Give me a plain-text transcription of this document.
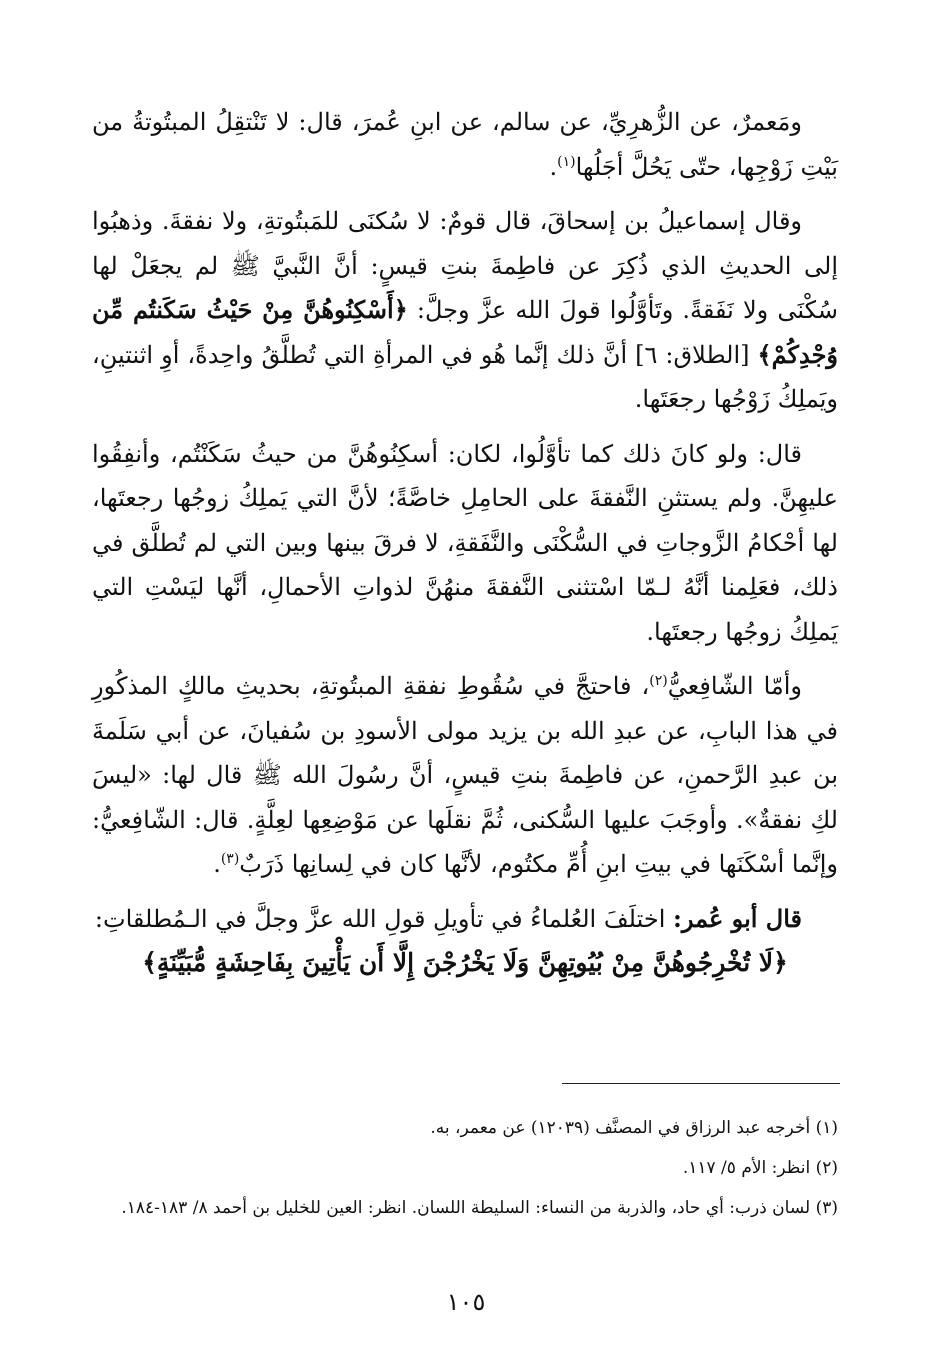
ومَعمرٌ، عن الزُّهرِيِّ، عن سالم، عن ابنِ عُمرَ، قال: لا تَنْتقِلُ المبتُوتةُ من بَيْتِ زَوْجِها، حتّى يَحُلَّ أجَلُها$^{(١)}$.

وقال إسماعيلُ بن إسحاقَ، قال قومٌ: لا سُكنَى للمَبتُوتةِ، ولا نفقةَ. وذهبُوا إلى الحديثِ الذي ذُكِرَ عن فاطِمةَ بنتِ قيسٍ: أنَّ النَّبيَّ ﷺ لم يجعَلْ لها سُكْنَى ولا نَفَقةً. وتَأوَّلُوا قولَ الله عزَّ وجلَّ: ﴿أَسْكِنُوهُنَّ مِنْ حَيْثُ سَكَنتُم مِّن وُجْدِكُمْ﴾ [الطلاق: ٦] أنَّ ذلك إنَّما هُو في المرأةِ التي تُطلَّقُ واحِدةً، أوِ اثنتينِ، ويَملِكُ زَوْجُها رجعَتَها.

قال: ولو كانَ ذلك كما تأوَّلُوا، لكان: أسكِنُوهُنَّ من حيثُ سَكَنْتُم، وأنفِقُوا عليهِنَّ. ولم يستثنِ النَّفقةَ على الحامِلِ خاصَّةً؛ لأنَّ التي يَملِكُ زوجُها رجعتَها، لها أحْكامُ الزَّوجاتِ في السُّكْنَى والنَّفَقةِ، لا فرقَ بينها وبين التي لم تُطلَّق في ذلك، فعَلِمنا أنَّهُ لـمّا اسْتثنى النَّفقةَ منهُنَّ لذواتِ الأحمالِ، أنَّها ليَسْتِ التي يَملِكُ زوجُها رجعتَها.

وأمّا الشّافِعيُّ$^{(٢)}$، فاحتجَّ في سُقُوطِ نفقةِ المبتُوتةِ، بحديثِ مالكٍ المذكُورِ في هذا البابِ، عن عبدِ الله بن يزيد مولى الأسودِ بن سُفيانَ، عن أبي سَلَمةَ بن عبدِ الرَّحمنِ، عن فاطِمةَ بنتِ قيسٍ، أنَّ رسُولَ الله ﷺ قال لها: «ليسَ لكِ نفقةٌ». وأوجَبَ عليها السُّكنى، ثُمَّ نقلَها عن مَوْضِعِها لعِلَّةٍ. قال: الشّافِعيُّ: وإنَّما أسْكَنَها في بيتِ ابنِ أُمِّ مكتُوم، لأنَّها كان في لِسانِها ذَرَبٌ$^{(٣)}$.

قال أبو عُمر: اختلَفَ العُلماءُ في تأويلِ قولِ الله عزَّ وجلَّ في الـمُطلقاتِ:

﴿لَا تُخْرِجُوهُنَّ مِنْ بُيُوتِهِنَّ وَلَا يَخْرُجْنَ إِلَّا أَن يَأْتِينَ بِفَاحِشَةٍ مُّبَيِّنَةٍ﴾

(١) أخرجه عبد الرزاق في المصنَّف (١٢٠٣٩) عن معمر، به.

(٢) انظر: الأم ٥/ ١١٧.

(٣) لسان ذرب: أي حاد، والذربة من النساء: السليطة اللسان. انظر: العين للخليل بن أحمد ٨/ ١٨٣-١٨٤.

١٠٥
